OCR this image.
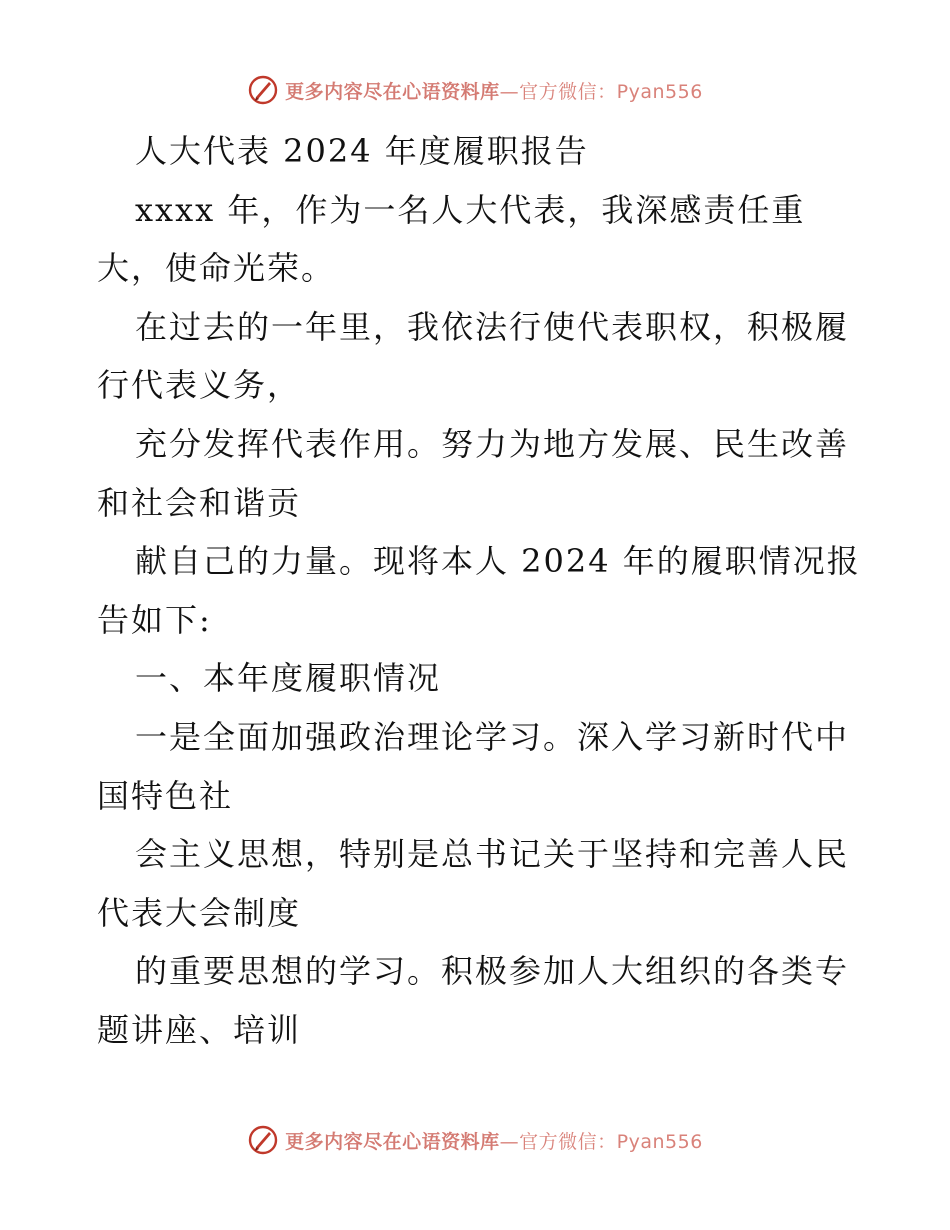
更多内容尽在心语资料库—官方微信：Pyan556
人大代表 2024 年度履职报告
xxxx 年，作为一名人大代表，我深感责任重
大，使命光荣。
在过去的一年里，我依法行使代表职权，积极履
行代表义务，
充分发挥代表作用。努力为地方发展、民生改善
和社会和谐贡
献自己的力量。现将本人 2024 年的履职情况报
告如下:
一、本年度履职情况
一是全面加强政治理论学习。深入学习新时代中
国特色社
会主义思想，特别是总书记关于坚持和完善人民
代表大会制度
的重要思想的学习。积极参加人大组织的各类专
题讲座、培训
更多内容尽在心语资料库—官方微信：Pyan556
